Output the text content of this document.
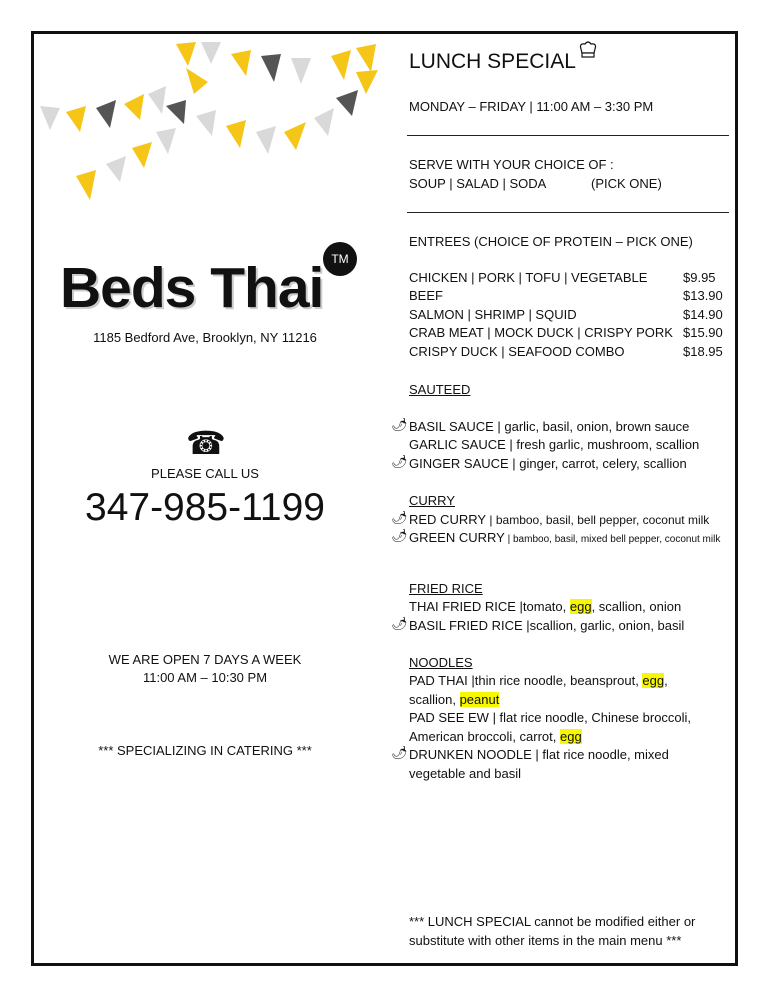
Beds Thai TM
1185 Bedford Ave, Brooklyn, NY 11216
☎
PLEASE CALL US
347-985-1199
WE ARE OPEN 7 DAYS A WEEK
11:00 AM – 10:30 PM
*** SPECIALIZING IN CATERING ***
LUNCH SPECIAL
MONDAY – FRIDAY | 11:00 AM – 3:30 PM
SERVE WITH YOUR CHOICE OF :
SOUP | SALAD | SODA	(PICK ONE)
ENTREES (CHOICE OF PROTEIN – PICK ONE)
CHICKEN | PORK | TOFU | VEGETABLE	$9.95
BEEF	$13.90
SALMON | SHRIMP | SQUID	$14.90
CRAB MEAT | MOCK DUCK | CRISPY PORK $15.90
CRISPY DUCK | SEAFOOD COMBO	$18.95
SAUTEED
🌶 BASIL SAUCE | garlic, basil, onion, brown sauce
GARLIC SAUCE | fresh garlic, mushroom, scallion
🌶 GINGER SAUCE | ginger, carrot, celery, scallion
CURRY
🌶 RED CURRY | bamboo, basil, bell pepper, coconut milk
🌶 GREEN CURRY | bamboo, basil, mixed bell pepper, coconut milk
FRIED RICE
THAI FRIED RICE |tomato, egg, scallion, onion
🌶 BASIL FRIED RICE |scallion, garlic, onion, basil
NOODLES
PAD THAI |thin rice noodle, beansprout, egg,
scallion, peanut
PAD SEE EW | flat rice noodle, Chinese broccoli,
American broccoli, carrot, egg
🌶 DRUNKEN NOODLE | flat rice noodle, mixed
vegetable and basil
*** LUNCH SPECIAL cannot be modified either or
substitute with other items in the main menu ***
